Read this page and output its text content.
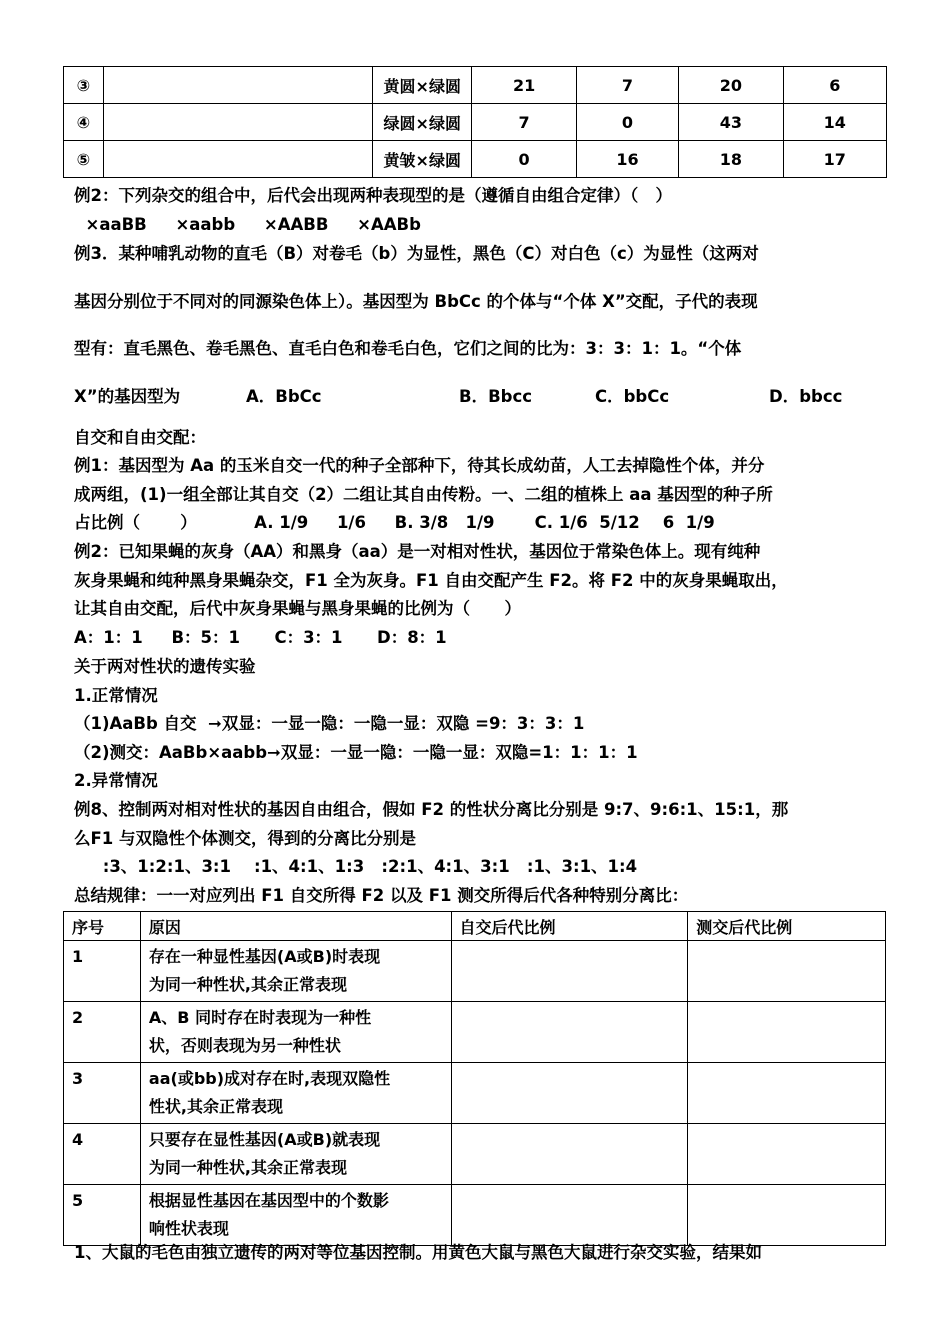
③		黄圆×绿圆	21	7	20	6
④		绿圆×绿圆	7	0	43	14
⑤		黄皱×绿圆	0	16	18	17
例2：下列杂交的组合中，后代会出现两种表现型的是（遵循自由组合定律）（   ）
×aaBB     ×aabb     ×AABB     ×AABb
例3．某种哺乳动物的直毛（B）对卷毛（b）为显性，黑色（C）对白色（c）为显性（这两对
基因分别位于不同对的同源染色体上）。基因型为 BbCc 的个体与“个体 X”交配，子代的表现
型有：直毛黑色、卷毛黑色、直毛白色和卷毛白色，它们之间的比为：3：3：1：1。“个体
X”的基因型为	A．BbCc	B．Bbcc	C．bbCc	D．bbcc
自交和自由交配：
例1：基因型为 Aa 的玉米自交一代的种子全部种下，待其长成幼苗，人工去掉隐性个体，并分
成两组，(1)一组全部让其自交（2）二组让其自由传粉。一、二组的植株上 aa 基因型的种子所
占比例（       ）          A. 1/9     1/6     B. 3/8   1/9       C. 1/6  5/12    6  1/9
例2：已知果蝇的灰身（AA）和黑身（aa）是一对相对性状，基因位于常染色体上。现有纯种
灰身果蝇和纯种黑身果蝇杂交，F1 全为灰身。F1 自由交配产生 F2。将 F2 中的灰身果蝇取出，
让其自由交配，后代中灰身果蝇与黑身果蝇的比例为（      ）
A：1：1     B：5：1      C：3：1      D：8：1
关于两对性状的遗传实验
1.正常情况
（1)AaBb 自交  ➞双显：一显一隐：一隐一显：双隐 =9：3：3：1
（2)测交：AaBb×aabb➞双显：一显一隐：一隐一显：双隐=1：1：1：1
2.异常情况
例8、控制两对相对性状的基因自由组合，假如 F2 的性状分离比分别是 9:7、9:6:1、15:1，那
么F1 与双隐性个体测交，得到的分离比分别是
:3、1:2:1、3:1    :1、4:1、1:3   :2:1、4:1、3:1   :1、3:1、1:4
总结规律：一一对应列出 F1 自交所得 F2 以及 F1 测交所得后代各种特别分离比：
序号	原因	自交后代比例	测交后代比例
1	存在一种显性基因(A或B)时表现
为同一种性状,其余正常表现		

2	A、B 同时存在时表现为一种性
状，否则表现为另一种性状		

3	aa(或bb)成对存在时,表现双隐性
性状,其余正常表现		

4	只要存在显性基因(A或B)就表现
为同一种性状,其余正常表现		

5	根据显性基因在基因型中的个数影
响性状表现		

1、大鼠的毛色由独立遗传的两对等位基因控制。用黄色大鼠与黑色大鼠进行杂交实验，结果如
